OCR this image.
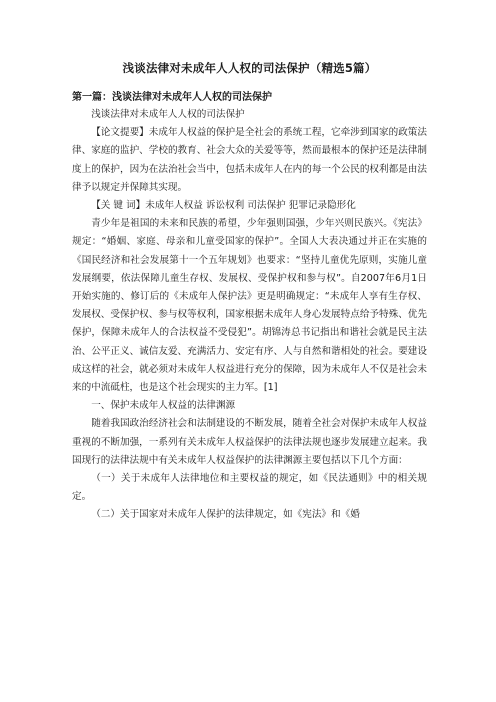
浅谈法律对未成年人人权的司法保护（精选5篇）
第一篇：浅谈法律对未成年人人权的司法保护

浅谈法律对未成年人人权的司法保护

【论文提要】未成年人权益的保护是全社会的系统工程，它牵涉到国家的政策法律、家庭的监护、学校的教育、社会大众的关爱等等，然而最根本的保护还是法律制度上的保护，因为在法治社会当中，包括未成年人在内的每一个公民的权利都是由法律予以规定并保障其实现。

【关 键 词】未成年人权益 诉讼权利 司法保护 犯罪记录隐形化

青少年是祖国的未来和民族的希望，少年强则国强，少年兴则民族兴。《宪法》规定：“婚姻、家庭、母亲和儿童受国家的保护”。全国人大表决通过并正在实施的《国民经济和社会发展第十一个五年规划》也要求：“坚持儿童优先原则，实施儿童发展纲要，依法保障儿童生存权、发展权、受保护权和参与权”。自2007年6月1日开始实施的、修订后的《未成年人保护法》更是明确规定：“未成年人享有生存权、发展权、受保护权、参与权等权利，国家根据未成年人身心发展特点给予特殊、优先保护，保障未成年人的合法权益不受侵犯”。胡锦涛总书记指出和谐社会就是民主法治、公平正义、诚信友爱、充满活力、安定有序、人与自然和谐相处的社会。要建设成这样的社会，就必须对未成年人权益进行充分的保障，因为未成年人不仅是社会未来的中流砥柱，也是这个社会现实的主力军。[1]

一、保护未成年人权益的法律渊源

随着我国政治经济社会和法制建设的不断发展，随着全社会对保护未成年人权益重视的不断加强，一系列有关未成年人权益保护的法律法规也逐步发展建立起来。我国现行的法律法规中有关未成年人权益保护的法律渊源主要包括以下几个方面：

（一）关于未成年人法律地位和主要权益的规定，如《民法通则》中的相关规定。

（二）关于国家对未成年人保护的法律规定，如《宪法》和《婚
